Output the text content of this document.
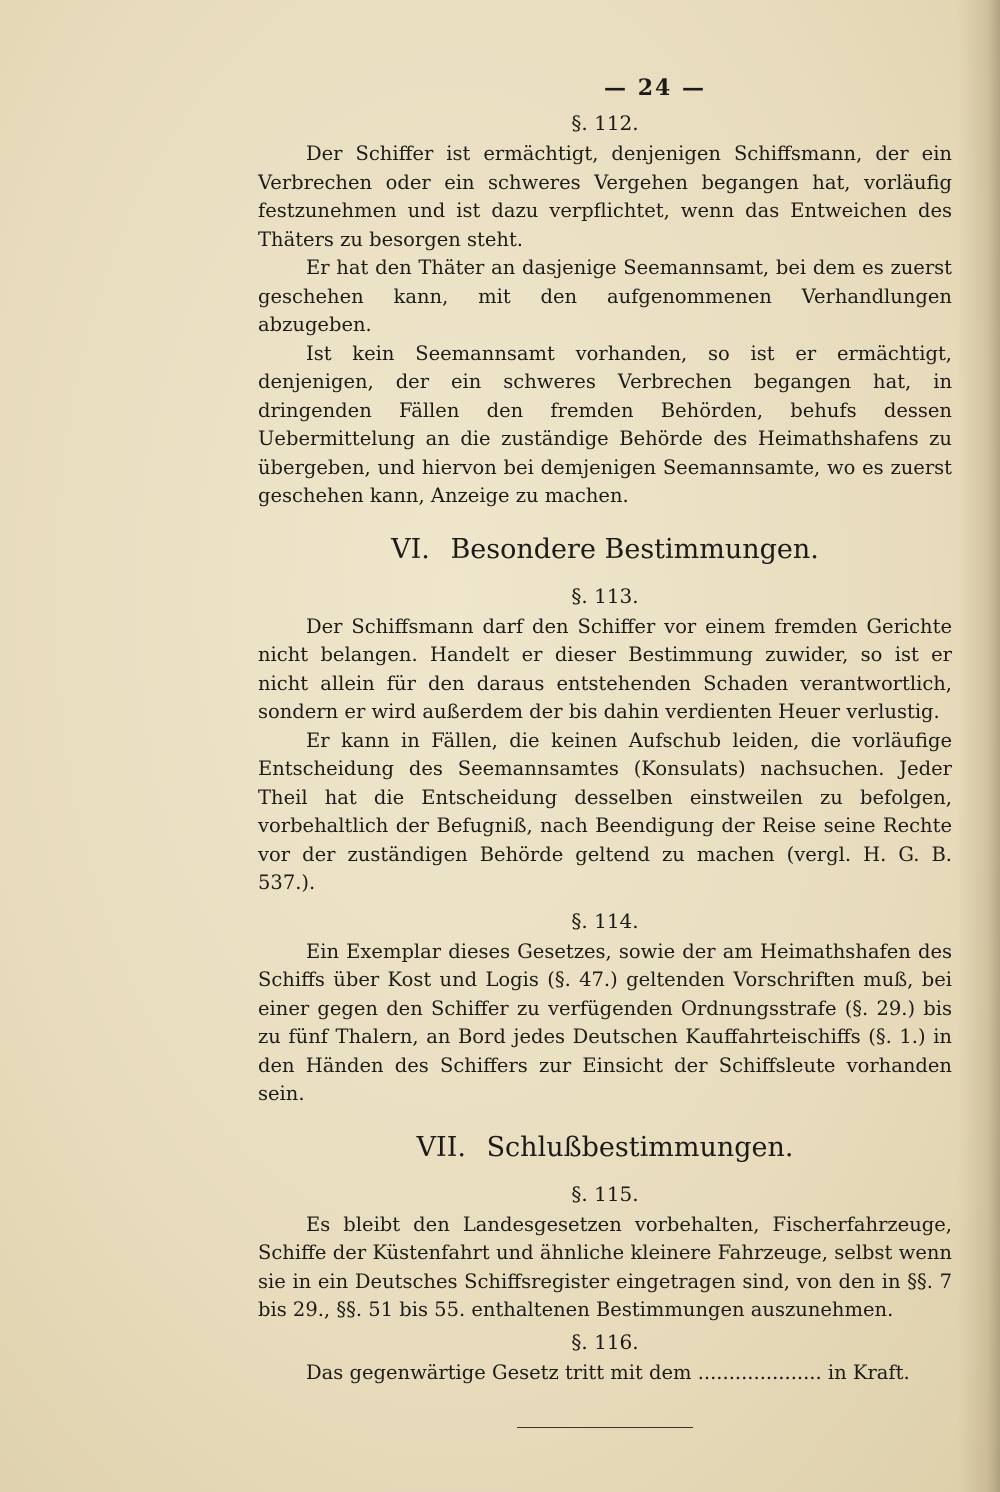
— 24 —
§. 112.

Der Schiffer ist ermächtigt, denjenigen Schiffsmann, der ein Verbrechen oder ein schweres Vergehen begangen hat, vorläufig festzunehmen und ist dazu verpflichtet, wenn das Entweichen des Thäters zu besorgen steht.

Er hat den Thäter an dasjenige Seemannsamt, bei dem es zuerst geschehen kann, mit den aufgenommenen Verhandlungen abzugeben.

Ist kein Seemannsamt vorhanden, so ist er ermächtigt, denjenigen, der ein schweres Verbrechen begangen hat, in dringenden Fällen den fremden Behörden, behufs dessen Uebermittelung an die zuständige Behörde des Heimathshafens zu übergeben, und hiervon bei demjenigen Seemannsamte, wo es zuerst geschehen kann, Anzeige zu machen.

VI. Besondere Bestimmungen.
§. 113.

Der Schiffsmann darf den Schiffer vor einem fremden Gerichte nicht belangen. Handelt er dieser Bestimmung zuwider, so ist er nicht allein für den daraus entstehenden Schaden verantwortlich, sondern er wird außerdem der bis dahin verdienten Heuer verlustig.

Er kann in Fällen, die keinen Aufschub leiden, die vorläufige Entscheidung des Seemannsamtes (Konsulats) nachsuchen. Jeder Theil hat die Entscheidung desselben einstweilen zu befolgen, vorbehaltlich der Befugniß, nach Beendigung der Reise seine Rechte vor der zuständigen Behörde geltend zu machen (vergl. H. G. B. 537.).

§. 114.

Ein Exemplar dieses Gesetzes, sowie der am Heimathshafen des Schiffs über Kost und Logis (§. 47.) geltenden Vorschriften muß, bei einer gegen den Schiffer zu verfügenden Ordnungsstrafe (§. 29.) bis zu fünf Thalern, an Bord jedes Deutschen Kauffahrteischiffs (§. 1.) in den Händen des Schiffers zur Einsicht der Schiffsleute vorhanden sein.

VII. Schlußbestimmungen.
§. 115.

Es bleibt den Landesgesetzen vorbehalten, Fischerfahrzeuge, Schiffe der Küstenfahrt und ähnliche kleinere Fahrzeuge, selbst wenn sie in ein Deutsches Schiffsregister eingetragen sind, von den in §§. 7 bis 29., §§. 51 bis 55. enthaltenen Bestimmungen auszunehmen.

§. 116.

Das gegenwärtige Gesetz tritt mit dem .................... in Kraft.
